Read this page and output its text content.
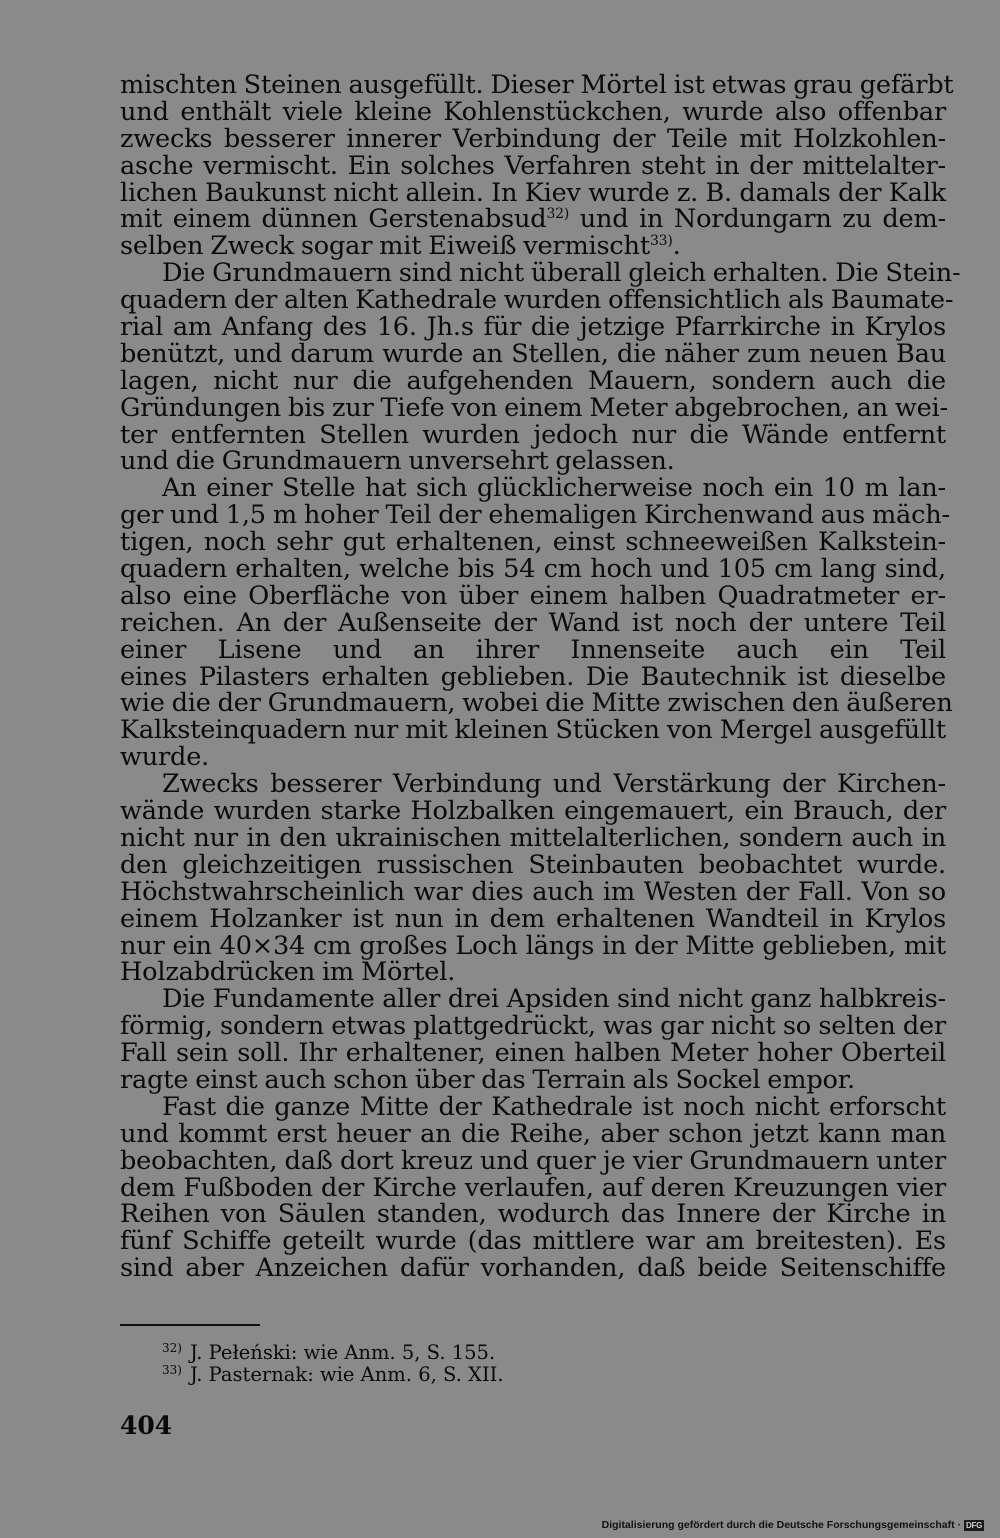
mischten Steinen ausgefüllt. Dieser Mörtel ist etwas grau gefärbt
und enthält viele kleine Kohlenstückchen, wurde also offenbar
zwecks besserer innerer Verbindung der Teile mit Holzkohlen-
asche vermischt. Ein solches Verfahren steht in der mittelalter-
lichen Baukunst nicht allein. In Kiev wurde z. B. damals der Kalk
mit einem dünnen Gerstenabsud$^{32)}$ und in Nordungarn zu dem-
selben Zweck sogar mit Eiweiß vermischt$^{33)}$.
Die Grundmauern sind nicht überall gleich erhalten. Die Stein-
quadern der alten Kathedrale wurden offensichtlich als Baumate-
rial am Anfang des 16. Jh.s für die jetzige Pfarrkirche in Krylos
benützt, und darum wurde an Stellen, die näher zum neuen Bau
lagen, nicht nur die aufgehenden Mauern, sondern auch die
Gründungen bis zur Tiefe von einem Meter abgebrochen, an wei-
ter entfernten Stellen wurden jedoch nur die Wände entfernt
und die Grundmauern unversehrt gelassen.
An einer Stelle hat sich glücklicherweise noch ein 10 m lan-
ger und 1,5 m hoher Teil der ehemaligen Kirchenwand aus mäch-
tigen, noch sehr gut erhaltenen, einst schneeweißen Kalkstein-
quadern erhalten, welche bis 54 cm hoch und 105 cm lang sind,
also eine Oberfläche von über einem halben Quadratmeter er-
reichen. An der Außenseite der Wand ist noch der untere Teil
einer Lisene und an ihrer Innenseite auch ein Teil
eines Pilasters erhalten geblieben. Die Bautechnik ist dieselbe
wie die der Grundmauern, wobei die Mitte zwischen den äußeren
Kalksteinquadern nur mit kleinen Stücken von Mergel ausgefüllt
wurde.
Zwecks besserer Verbindung und Verstärkung der Kirchen-
wände wurden starke Holzbalken eingemauert, ein Brauch, der
nicht nur in den ukrainischen mittelalterlichen, sondern auch in
den gleichzeitigen russischen Steinbauten beobachtet wurde.
Höchstwahrscheinlich war dies auch im Westen der Fall. Von so
einem Holzanker ist nun in dem erhaltenen Wandteil in Krylos
nur ein 40×34 cm großes Loch längs in der Mitte geblieben, mit
Holzabdrücken im Mörtel.
Die Fundamente aller drei Apsiden sind nicht ganz halbkreis-
förmig, sondern etwas plattgedrückt, was gar nicht so selten der
Fall sein soll. Ihr erhaltener, einen halben Meter hoher Oberteil
ragte einst auch schon über das Terrain als Sockel empor.
Fast die ganze Mitte der Kathedrale ist noch nicht erforscht
und kommt erst heuer an die Reihe, aber schon jetzt kann man
beobachten, daß dort kreuz und quer je vier Grundmauern unter
dem Fußboden der Kirche verlaufen, auf deren Kreuzungen vier
Reihen von Säulen standen, wodurch das Innere der Kirche in
fünf Schiffe geteilt wurde (das mittlere war am breitesten). Es
sind aber Anzeichen dafür vorhanden, daß beide Seitenschiffe
$^{32)}$ J. Pełeński: wie Anm. 5, S. 155.
$^{33)}$ J. Pasternak: wie Anm. 6, S. XII.
404
Digitalisierung gefördert durch die Deutsche Forschungsgemeinschaft · DFG
